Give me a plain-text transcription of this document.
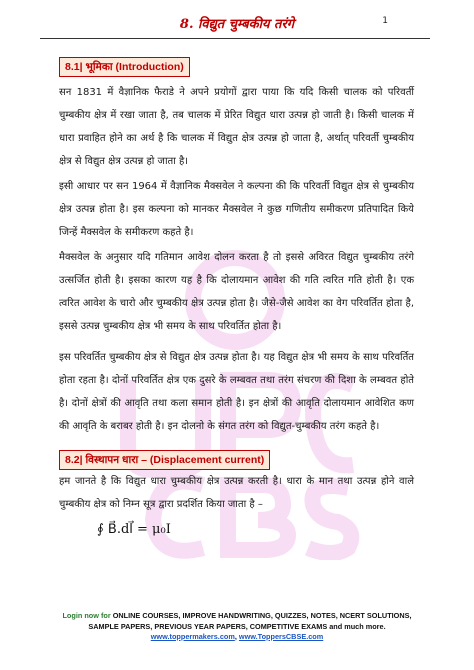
8. विद्युत चुम्बकीय तरंगे	1
8.1| भूमिका (Introduction)

सन 1831 में वैज्ञानिक फैराडे ने अपने प्रयोगों द्वारा पाया कि यदि किसी चालक को परिवर्ती चुम्बकीय क्षेत्र में रखा जाता है, तब चालक में प्रेरित विद्युत धारा उत्पन्न हो जाती है। किसी चालक में धारा प्रवाहित होने का अर्थ है कि चालक में विद्युत क्षेत्र उत्पन्न हो जाता है, अर्थात् परिवर्ती चुम्बकीय क्षेत्र से विद्युत क्षेत्र उत्पन्न हो जाता है।

इसी आधार पर सन 1964 में वैज्ञानिक मैक्सवेल ने कल्पना की कि परिवर्ती विद्युत क्षेत्र से चुम्बकीय क्षेत्र उत्पन्न होता है। इस कल्पना को मानकर मैक्सवेल ने कुछ गणितीय समीकरण प्रतिपादित किये जिन्हें मैक्सवेल के समीकरण कहते है।

मैक्सवेल के अनुसार यदि गतिमान आवेश दोलन करता है तो इससे अविरत विद्युत चुम्बकीय तरंगे उत्सर्जित होती है। इसका कारण यह है कि दोलायमान आवेश की गति त्वरित गति होती है। एक त्वरित आवेश के चारो और चुम्बकीय क्षेत्र उत्पन्न होता है। जैसे-जैसे आवेश का वेग परिवर्तित होता है, इससे उत्पन्न चुम्बकीय क्षेत्र भी समय के साथ परिवर्तित होता है।

इस परिवर्तित चुम्बकीय क्षेत्र से विद्युत क्षेत्र उत्पन्न होता है। यह विद्युत क्षेत्र भी समय के साथ परिवर्तित होता रहता है। दोनों परिवर्तित क्षेत्र एक दुसरे के लम्बवत तथा तरंग संचरण की दिशा के लम्बवत होते है। दोनों क्षेत्रों की आवृति तथा कला समान होती है। इन क्षेत्रों की आवृति दोलायमान आवेशित कण की आवृति के बराबर होती है। इन दोलनो के संगत तरंग को विद्युत-चुम्बकीय तरंग कहते है।

8.2| विस्थापन धारा – (Displacement current)

हम जानते है कि विद्युत धारा चुम्बकीय क्षेत्र उत्पन्न करती है। धारा के मान तथा उत्पन्न होने वाले चुम्बकीय क्षेत्र को निम्न सूत्र द्वारा प्रदर्शित किया जाता है –

∮ B⃗.dl⃗ = μ₀I
Login now for ONLINE COURSES, IMPROVE HANDWRITING, QUIZZES, NOTES, NCERT SOLUTIONS,
SAMPLE PAPERS, PREVIOUS YEAR PAPERS, COMPETITIVE EXAMS and much more.
www.toppermakers.com, www.ToppersCBSE.com
